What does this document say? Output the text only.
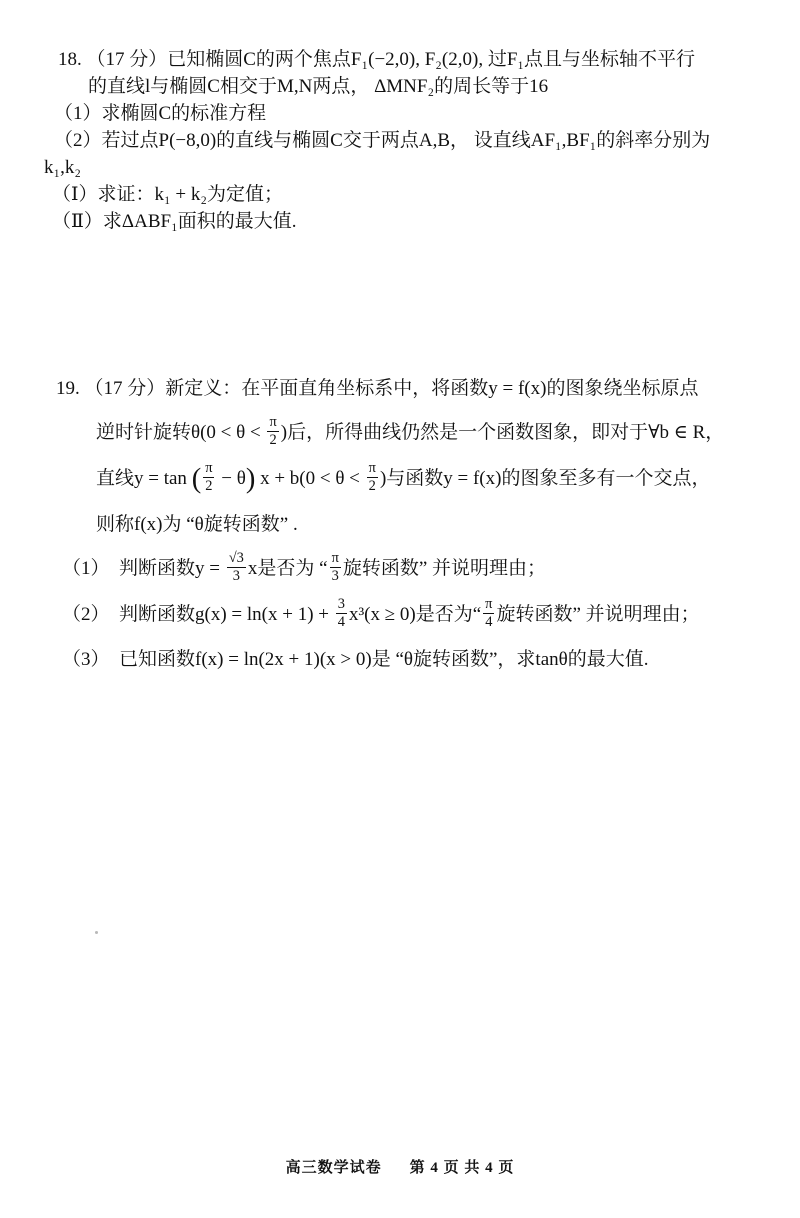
18. （17 分）已知椭圆C的两个焦点F₁(−2,0), F₂(2,0), 过F₁点且与坐标轴不平行
的直线l与椭圆C相交于M,N两点， ΔMNF₂的周长等于16
（1）求椭圆C的标准方程
（2）若过点P(−8,0)的直线与椭圆C交于两点A,B， 设直线AF₁,BF₁的斜率分别为
k₁,k₂
（Ⅰ）求证：k₁ + k₂为定值；
（Ⅱ）求ΔABF₁面积的最大值.
19. （17 分）新定义：在平面直角坐标系中，将函数y = f(x)的图象绕坐标原点
逆时针旋转$\theta(0 < \theta < \frac{\pi}{2}$ )后，所得曲线仍然是一个函数图象，即对于∀b ∈ R，
直线y = tan ( $\frac{\pi}{2} - \theta$) $x + b(0 < \theta < \frac{\pi}{2}$ )与函数y = f(x)的图象至多有一个交点，
则称f(x)为 “θ旋转函数” .
（1）　判断函数$y = \frac{√3}{3}$ x是否为 “ $\frac{\pi}{3}$ 旋转函数” 并说明理由；
（2）　判断函数$g(x) = \ln(x + 1) + \frac{3}{4} x^3(x \ge 0)$是否为“ $\frac{\pi}{4}$ 旋转函数” 并说明理由；
（3）　已知函数f(x) = ln(2x + 1)(x > 0)是 “θ旋转函数”，求tanθ的最大值.
高三数学试卷 第 4 页 共 4 页
